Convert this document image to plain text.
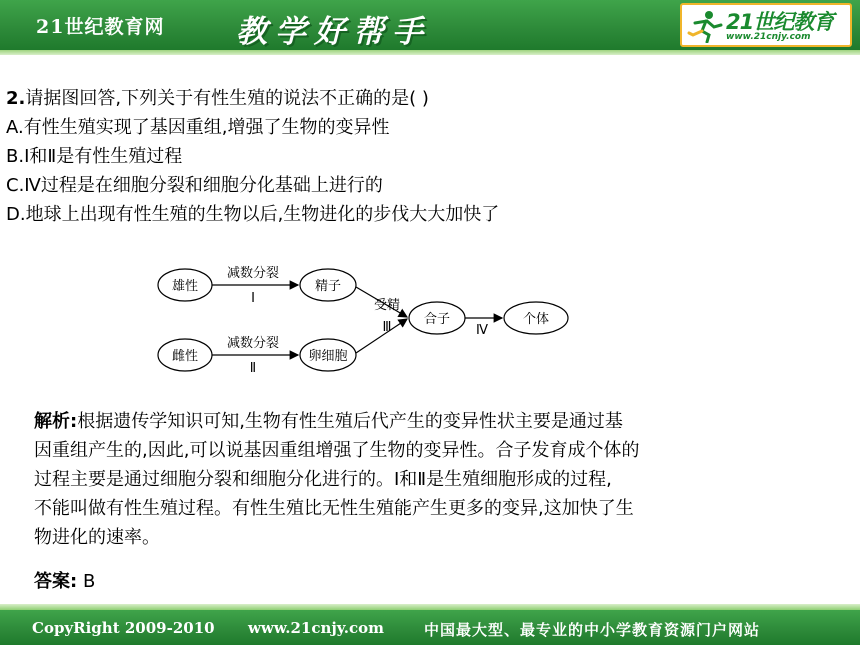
21世纪教育网 教学好帮手	21世纪教育
www.21cnjy.com
2.请据图回答,下列关于有性生殖的说法不正确的是( )
A.有性生殖实现了基因重组,增强了生物的变异性
B.Ⅰ和Ⅱ是有性生殖过程
C.Ⅳ过程是在细胞分裂和细胞分化基础上进行的
D.地球上出现有性生殖的生物以后,生物进化的步伐大大加快了
雄性
雌性
精子
卵细胞
合子	个体
减数分裂
Ⅰ
减数分裂
Ⅱ
受精
Ⅲ	Ⅳ
解析:根据遗传学知识可知,生物有性生殖后代产生的变异性状主要是通过基
因重组产生的,因此,可以说基因重组增强了生物的变异性。合子发育成个体的
过程主要是通过细胞分裂和细胞分化进行的。Ⅰ和Ⅱ是生殖细胞形成的过程,
不能叫做有性生殖过程。有性生殖比无性生殖能产生更多的变异,这加快了生
物进化的速率。
答案: B
CopyRight 2009-2010 www.21cnjy.com	中国最大型、最专业的中小学教育资源门户网站
